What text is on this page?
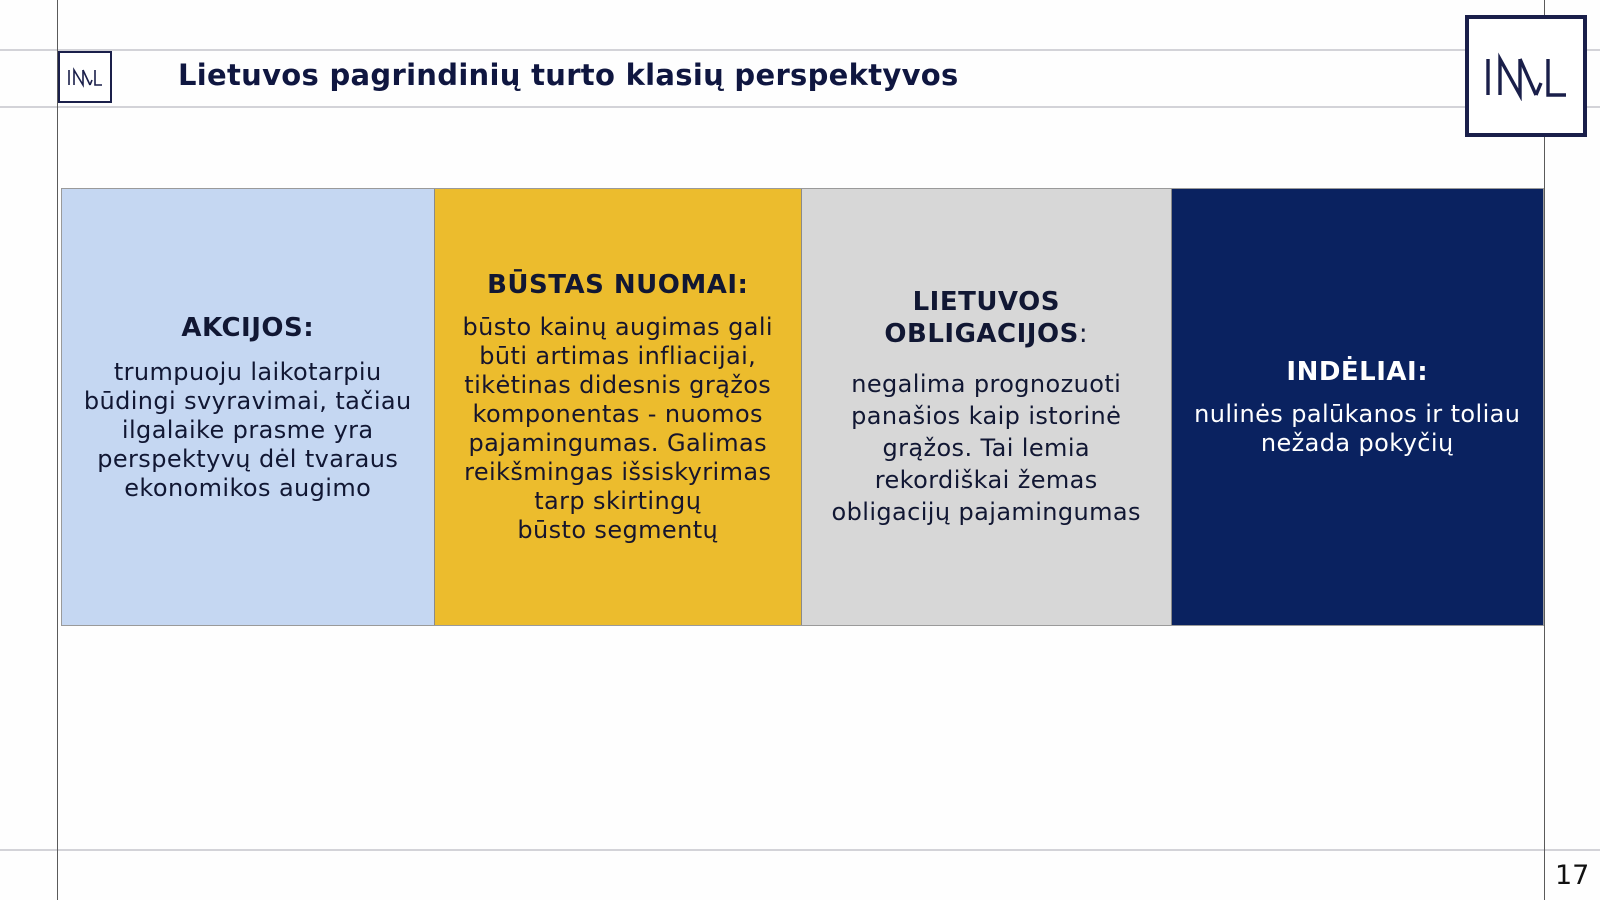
Lietuvos pagrindinių turto klasių perspektyvos
AKCIJOS:
trumpuoju laikotarpiu
būdingi svyravimai, tačiau
ilgalaike prasme yra
perspektyvų dėl tvaraus
ekonomikos augimo
BŪSTAS NUOMAI:
būsto kainų augimas gali
būti artimas infliacijai,
tikėtinas didesnis grąžos
komponentas - nuomos
pajamingumas. Galimas
reikšmingas išsiskyrimas
tarp skirtingų
būsto segmentų
LIETUVOS
OBLIGACIJOS:
negalima prognozuoti
panašios kaip istorinė
grąžos. Tai lemia
rekordiškai žemas
obligacijų pajamingumas
INDĖLIAI:
nulinės palūkanos ir toliau
nežada pokyčių
17
